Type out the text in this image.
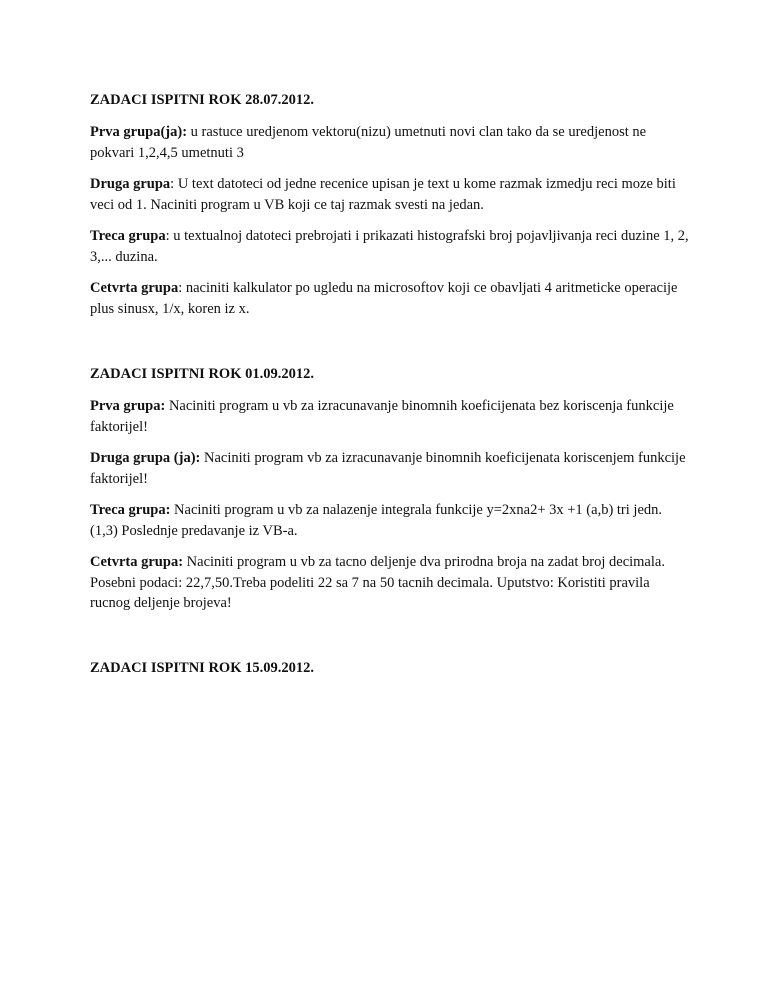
ZADACI ISPITNI ROK 28.07.2012.

Prva grupa(ja): u rastuce uredjenom vektoru(nizu) umetnuti novi clan tako da se uredjenost ne pokvari 1,2,4,5 umetnuti 3

Druga grupa: U text datoteci od jedne recenice upisan je text u kome razmak izmedju reci moze biti veci od 1. Naciniti program u VB koji ce taj razmak svesti na jedan.

Treca grupa: u textualnoj datoteci prebrojati i prikazati histografski broj pojavljivanja reci duzine 1, 2, 3,... duzina.

Cetvrta grupa: naciniti kalkulator po ugledu na microsoftov koji ce obavljati 4 aritmeticke operacije plus sinusx, 1/x, koren iz x.

ZADACI ISPITNI ROK 01.09.2012.

Prva grupa: Naciniti program u vb za izracunavanje binomnih koeficijenata bez koriscenja funkcije faktorijel!

Druga grupa (ja): Naciniti program vb za izracunavanje binomnih koeficijenata koriscenjem funkcije faktorijel!

Treca grupa: Naciniti program u vb za nalazenje integrala funkcije y=2xna2+ 3x +1 (a,b) tri jedn. (1,3) Poslednje predavanje iz VB-a.

Cetvrta grupa: Naciniti program u vb za tacno deljenje dva prirodna broja na zadat broj decimala. Posebni podaci: 22,7,50.Treba podeliti 22 sa 7 na 50 tacnih decimala. Uputstvo: Koristiti pravila rucnog deljenje brojeva!

ZADACI ISPITNI ROK 15.09.2012.
